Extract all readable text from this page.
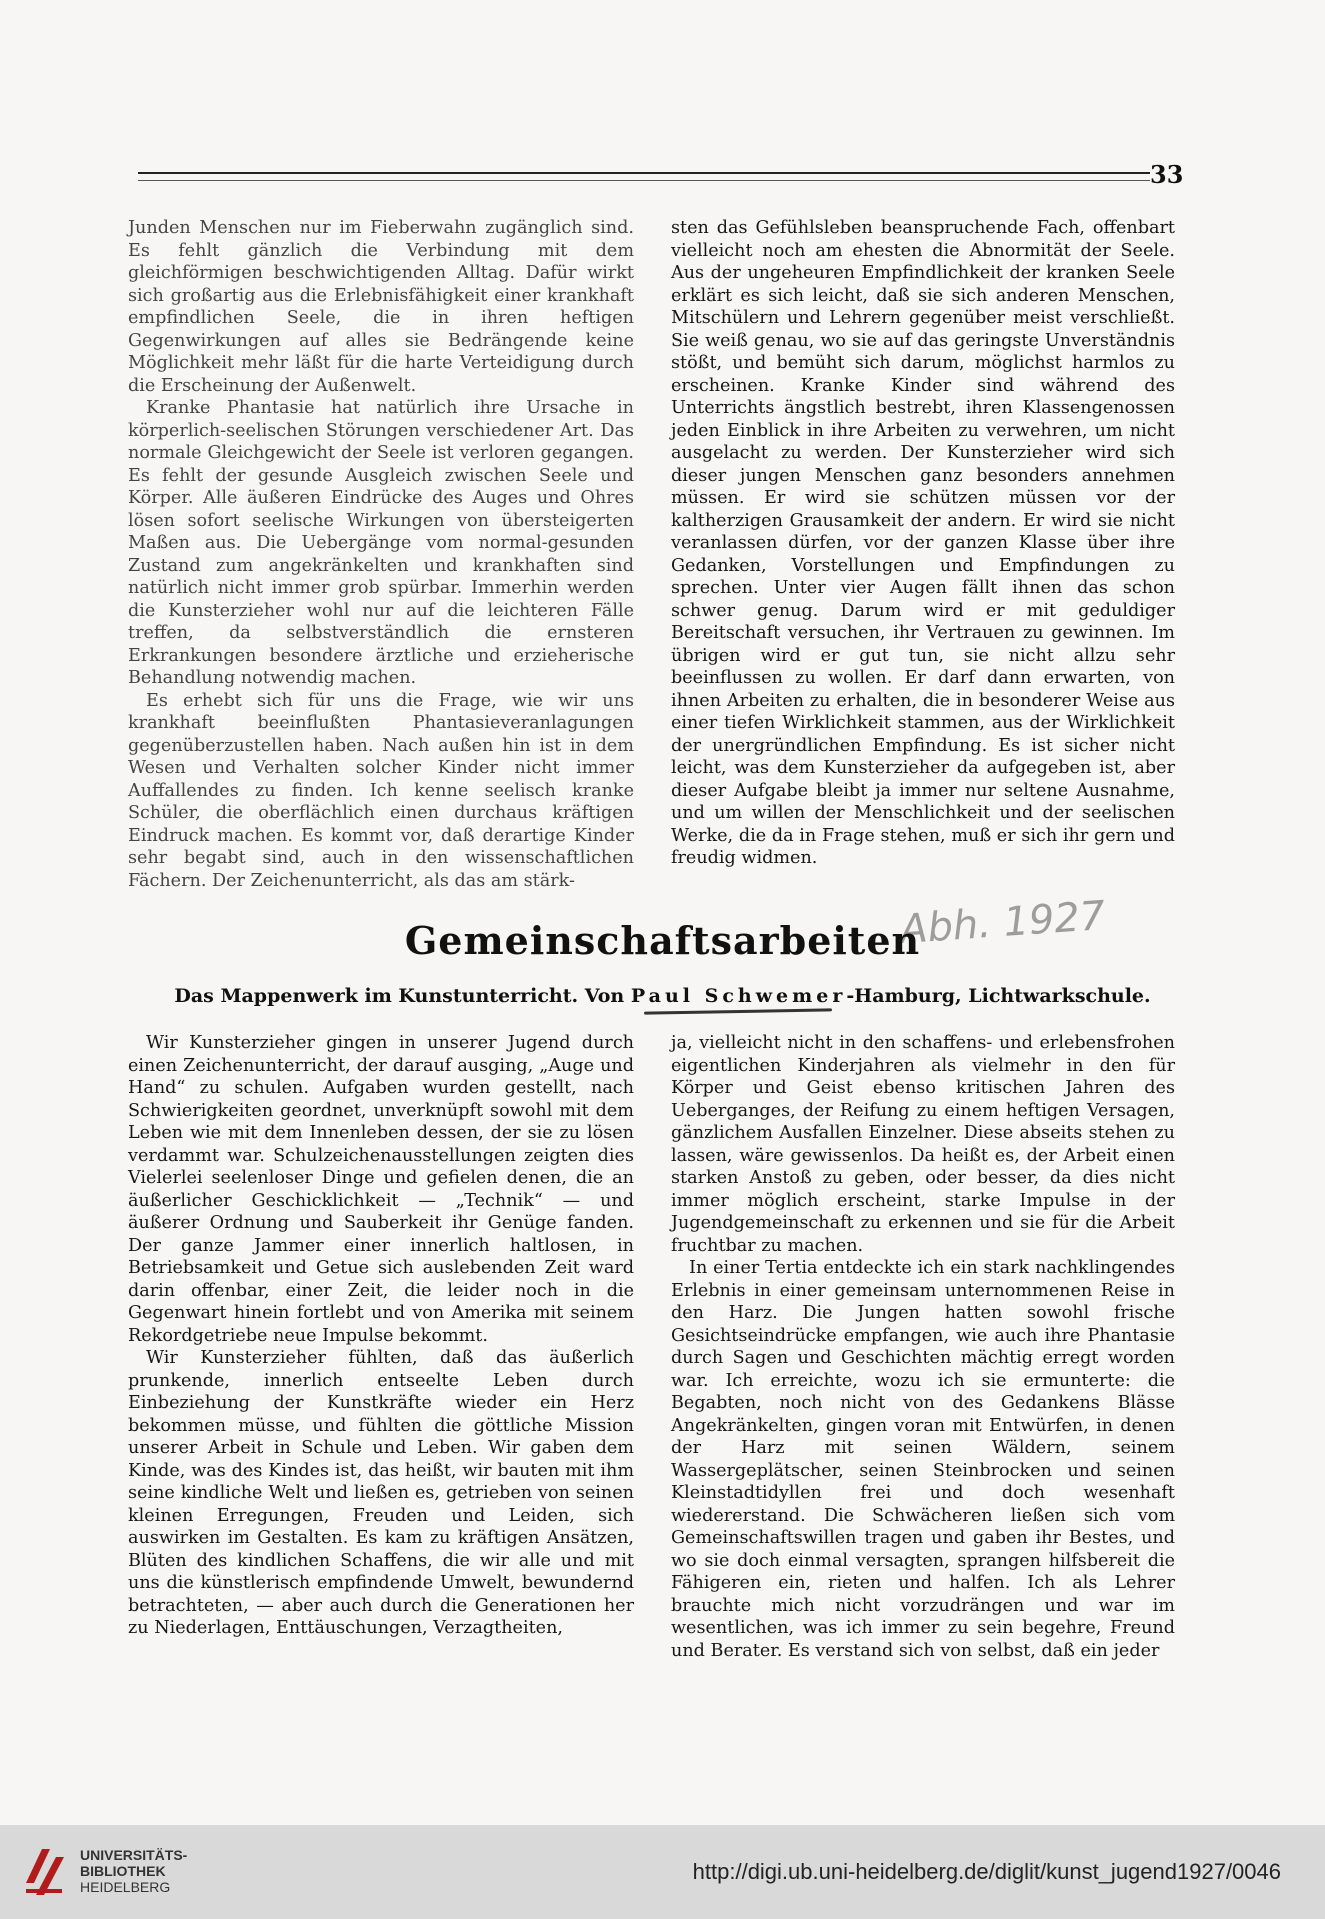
33

Junden Menschen nur im Fieberwahn zugänglich sind. Es fehlt gänzlich die Verbindung mit dem gleichförmigen beschwichtigenden Alltag. Dafür wirkt sich großartig aus die Erlebnisfähigkeit einer krankhaft empfindlichen Seele, die in ihren heftigen Gegenwirkungen auf alles sie Bedrängende keine Möglichkeit mehr läßt für die harte Verteidigung durch die Erscheinung der Außenwelt.

Kranke Phantasie hat natürlich ihre Ursache in körperlich-seelischen Störungen verschiedener Art. Das normale Gleichgewicht der Seele ist verloren gegangen. Es fehlt der gesunde Ausgleich zwischen Seele und Körper. Alle äußeren Eindrücke des Auges und Ohres lösen sofort seelische Wirkungen von übersteigerten Maßen aus. Die Uebergänge vom normal-gesunden Zustand zum angekränkelten und krankhaften sind natürlich nicht immer grob spürbar. Immerhin werden die Kunsterzieher wohl nur auf die leichteren Fälle treffen, da selbstverständlich die ernsteren Erkrankungen besondere ärztliche und erzieherische Behandlung notwendig machen.

Es erhebt sich für uns die Frage, wie wir uns krankhaft beeinflußten Phantasieveranlagungen gegenüberzustellen haben. Nach außen hin ist in dem Wesen und Verhalten solcher Kinder nicht immer Auffallendes zu finden. Ich kenne seelisch kranke Schüler, die oberflächlich einen durchaus kräftigen Eindruck machen. Es kommt vor, daß derartige Kinder sehr begabt sind, auch in den wissenschaftlichen Fächern. Der Zeichenunterricht, als das am stärk-

sten das Gefühlsleben beanspruchende Fach, offenbart vielleicht noch am ehesten die Abnormität der Seele. Aus der ungeheuren Empfindlichkeit der kranken Seele erklärt es sich leicht, daß sie sich anderen Menschen, Mitschülern und Lehrern gegenüber meist verschließt. Sie weiß genau, wo sie auf das geringste Unverständnis stößt, und bemüht sich darum, möglichst harmlos zu erscheinen. Kranke Kinder sind während des Unterrichts ängstlich bestrebt, ihren Klassengenossen jeden Einblick in ihre Arbeiten zu verwehren, um nicht ausgelacht zu werden. Der Kunsterzieher wird sich dieser jungen Menschen ganz besonders annehmen müssen. Er wird sie schützen müssen vor der kaltherzigen Grausamkeit der andern. Er wird sie nicht veranlassen dürfen, vor der ganzen Klasse über ihre Gedanken, Vorstellungen und Empfindungen zu sprechen. Unter vier Augen fällt ihnen das schon schwer genug. Darum wird er mit geduldiger Bereitschaft versuchen, ihr Vertrauen zu gewinnen. Im übrigen wird er gut tun, sie nicht allzu sehr beeinflussen zu wollen. Er darf dann erwarten, von ihnen Arbeiten zu erhalten, die in besonderer Weise aus einer tiefen Wirklichkeit stammen, aus der Wirklichkeit der unergründlichen Empfindung. Es ist sicher nicht leicht, was dem Kunsterzieher da aufgegeben ist, aber dieser Aufgabe bleibt ja immer nur seltene Ausnahme, und um willen der Menschlichkeit und der seelischen Werke, die da in Frage stehen, muß er sich ihr gern und freudig widmen.

Abh. 1927
Gemeinschaftsarbeiten
Das Mappenwerk im Kunstunterricht. Von Paul Schwemer-Hamburg, Lichtwarkschule.

Wir Kunsterzieher gingen in unserer Jugend durch einen Zeichenunterricht, der darauf ausging, „Auge und Hand“ zu schulen. Aufgaben wurden gestellt, nach Schwierigkeiten geordnet, unverknüpft sowohl mit dem Leben wie mit dem Innenleben dessen, der sie zu lösen verdammt war. Schulzeichenausstellungen zeigten dies Vielerlei seelenloser Dinge und gefielen denen, die an äußerlicher Geschicklichkeit — „Technik“ — und äußerer Ordnung und Sauberkeit ihr Genüge fanden. Der ganze Jammer einer innerlich haltlosen, in Betriebsamkeit und Getue sich auslebenden Zeit ward darin offenbar, einer Zeit, die leider noch in die Gegenwart hinein fortlebt und von Amerika mit seinem Rekordgetriebe neue Impulse bekommt.

Wir Kunsterzieher fühlten, daß das äußerlich prunkende, innerlich entseelte Leben durch Einbeziehung der Kunstkräfte wieder ein Herz bekommen müsse, und fühlten die göttliche Mission unserer Arbeit in Schule und Leben. Wir gaben dem Kinde, was des Kindes ist, das heißt, wir bauten mit ihm seine kindliche Welt und ließen es, getrieben von seinen kleinen Erregungen, Freuden und Leiden, sich auswirken im Gestalten. Es kam zu kräftigen Ansätzen, Blüten des kindlichen Schaffens, die wir alle und mit uns die künstlerisch empfindende Umwelt, bewundernd betrachteten, — aber auch durch die Generationen her zu Niederlagen, Enttäuschungen, Verzagtheiten,

ja, vielleicht nicht in den schaffens- und erlebensfrohen eigentlichen Kinderjahren als vielmehr in den für Körper und Geist ebenso kritischen Jahren des Ueberganges, der Reifung zu einem heftigen Versagen, gänzlichem Ausfallen Einzelner. Diese abseits stehen zu lassen, wäre gewissenlos. Da heißt es, der Arbeit einen starken Anstoß zu geben, oder besser, da dies nicht immer möglich erscheint, starke Impulse in der Jugendgemeinschaft zu erkennen und sie für die Arbeit fruchtbar zu machen.

In einer Tertia entdeckte ich ein stark nachklingendes Erlebnis in einer gemeinsam unternommenen Reise in den Harz. Die Jungen hatten sowohl frische Gesichtseindrücke empfangen, wie auch ihre Phantasie durch Sagen und Geschichten mächtig erregt worden war. Ich erreichte, wozu ich sie ermunterte: die Begabten, noch nicht von des Gedankens Blässe Angekränkelten, gingen voran mit Entwürfen, in denen der Harz mit seinen Wäldern, seinem Wassergeplätscher, seinen Steinbrocken und seinen Kleinstadtidyllen frei und doch wesenhaft wiedererstand. Die Schwächeren ließen sich vom Gemeinschaftswillen tragen und gaben ihr Bestes, und wo sie doch einmal versagten, sprangen hilfsbereit die Fähigeren ein, rieten und halfen. Ich als Lehrer brauchte mich nicht vorzudrängen und war im wesentlichen, was ich immer zu sein begehre, Freund und Berater. Es verstand sich von selbst, daß ein jeder

UNIVERSITÄTS-
BIBLIOTHEK
HEIDELBERG
http://digi.ub.uni-heidelberg.de/diglit/kunst_jugend1927/0046
